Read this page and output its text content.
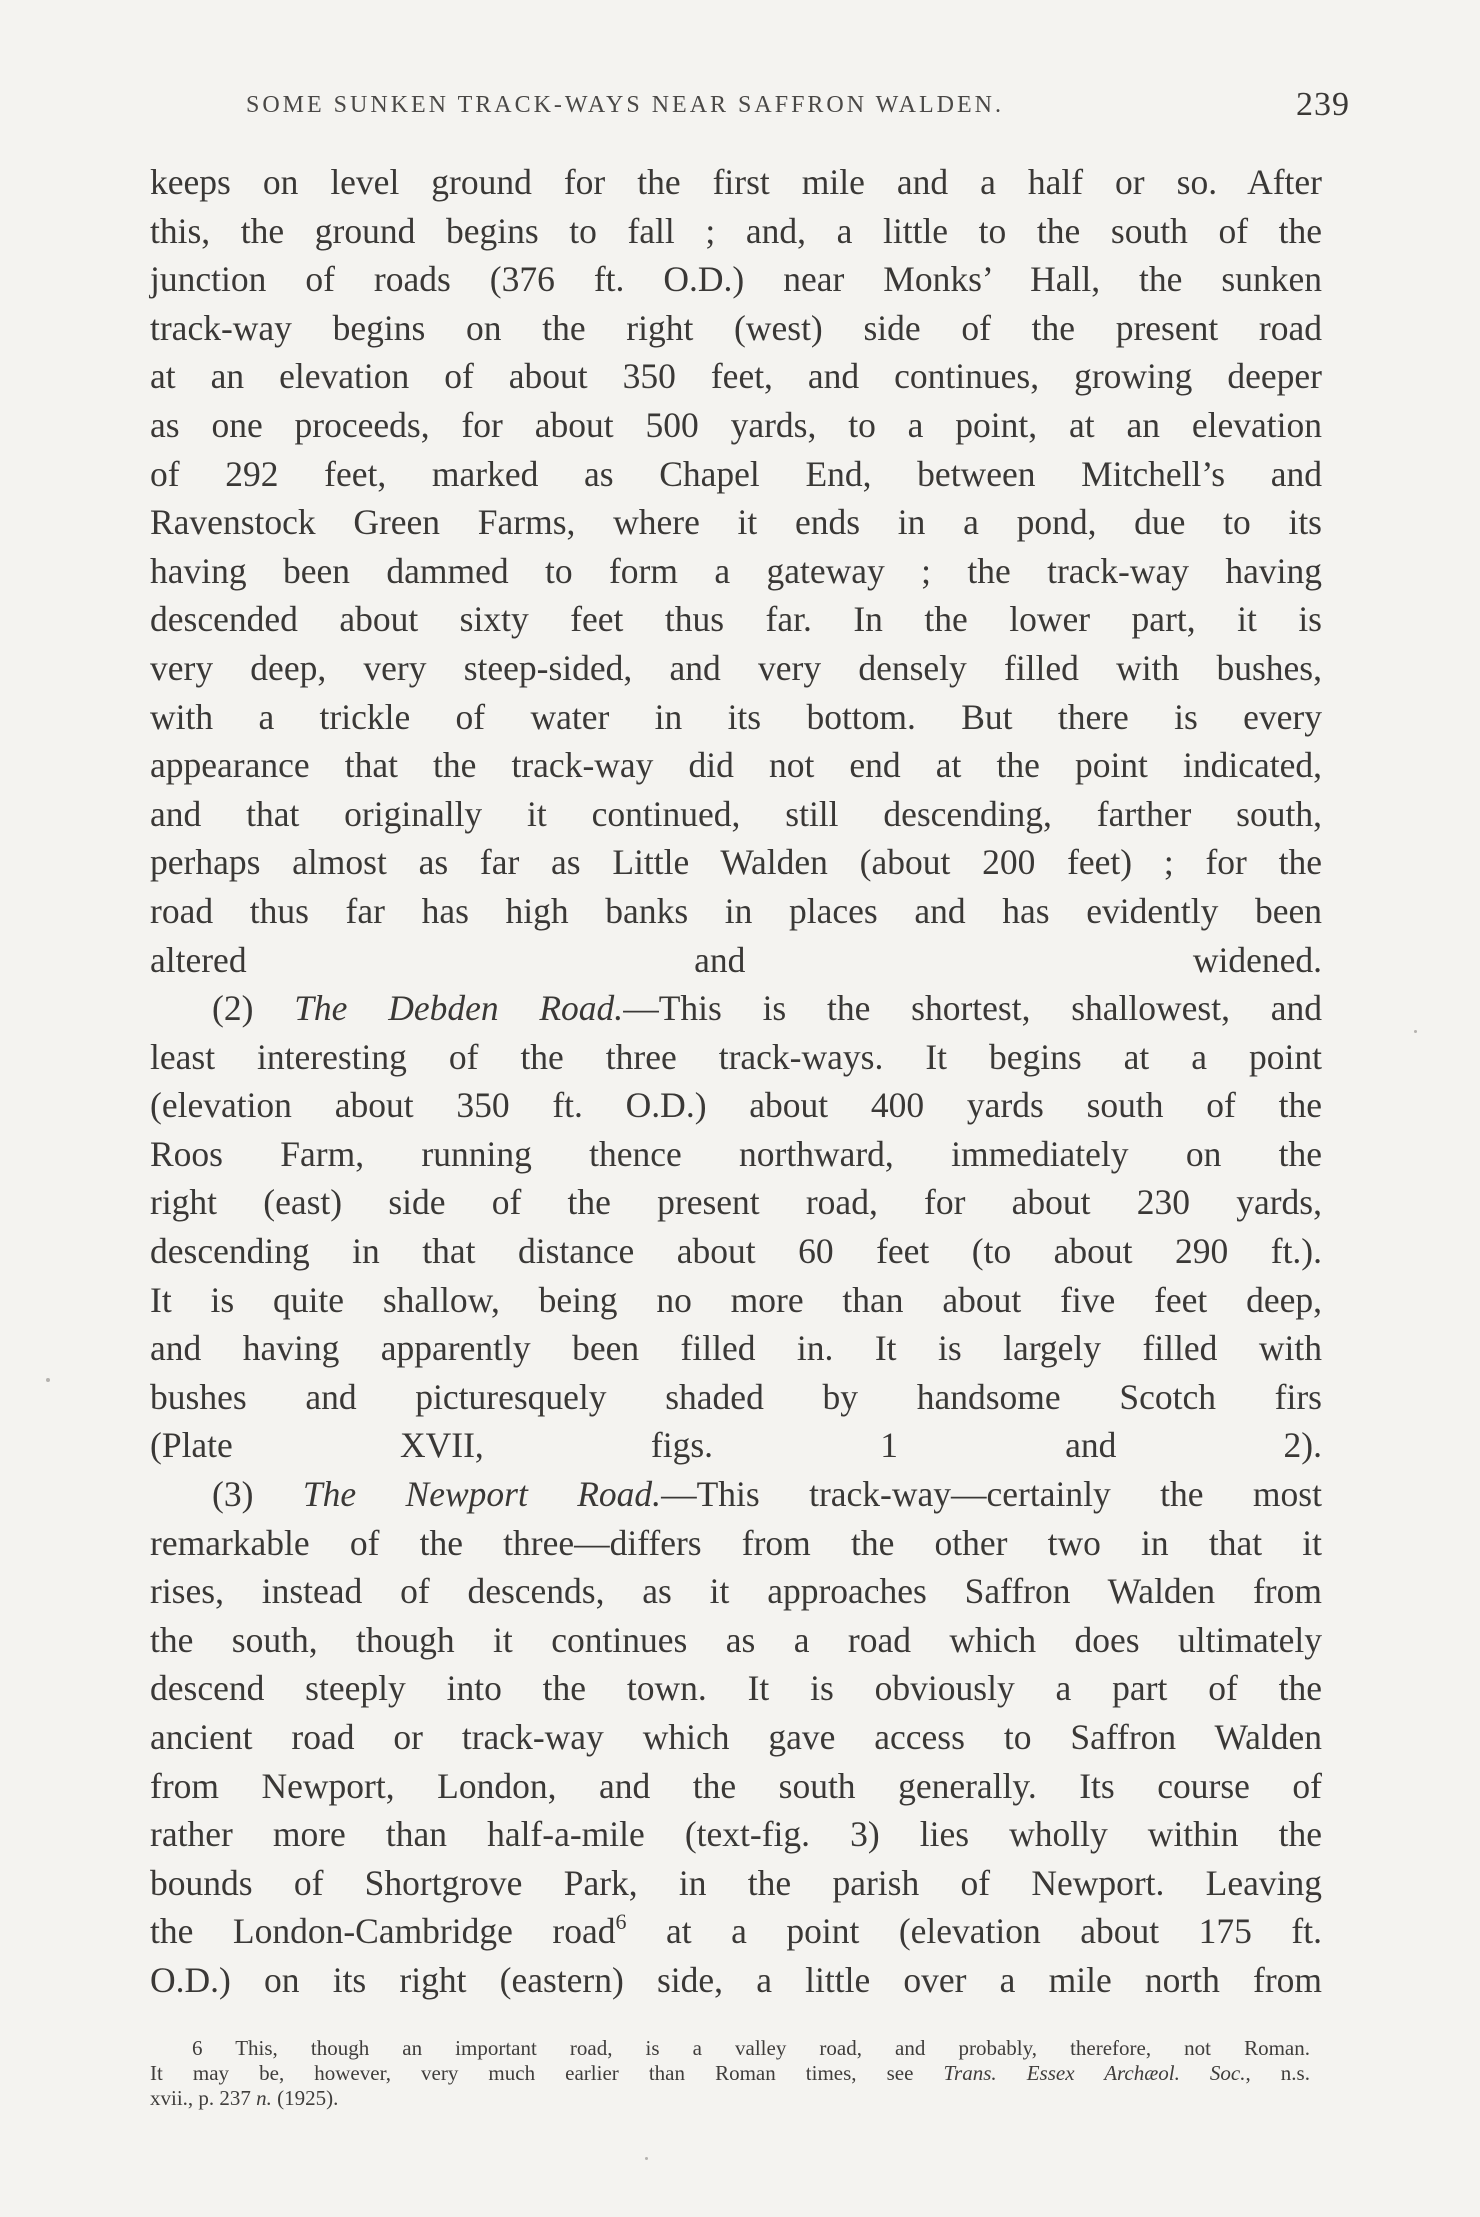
SOME SUNKEN TRACK-WAYS NEAR SAFFRON WALDEN.	239

keeps on level ground for the first mile and a half or so. After
this, the ground begins to fall ; and, a little to the south of the
junction of roads (376 ft. O.D.) near Monks’ Hall, the sunken
track-way begins on the right (west) side of the present road
at an elevation of about 350 feet, and continues, growing deeper
as one proceeds, for about 500 yards, to a point, at an elevation
of 292 feet, marked as Chapel End, between Mitchell’s and
Ravenstock Green Farms, where it ends in a pond, due to its
having been dammed to form a gateway ; the track-way having
descended about sixty feet thus far. In the lower part, it is
very deep, very steep-sided, and very densely filled with bushes,
with a trickle of water in its bottom. But there is every
appearance that the track-way did not end at the point indicated,
and that originally it continued, still descending, farther south,
perhaps almost as far as Little Walden (about 200 feet) ; for the
road thus far has high banks in places and has evidently been
altered and widened.

(2) The Debden Road.—This is the shortest, shallowest, and
least interesting of the three track-ways. It begins at a point
(elevation about 350 ft. O.D.) about 400 yards south of the
Roos Farm, running thence northward, immediately on the
right (east) side of the present road, for about 230 yards,
descending in that distance about 60 feet (to about 290 ft.).
It is quite shallow, being no more than about five feet deep,
and having apparently been filled in. It is largely filled with
bushes and picturesquely shaded by handsome Scotch firs
(Plate XVII, figs. 1 and 2).

(3) The Newport Road.—This track-way—certainly the most
remarkable of the three—differs from the other two in that it
rises, instead of descends, as it approaches Saffron Walden from
the south, though it continues as a road which does ultimately
descend steeply into the town. It is obviously a part of the
ancient road or track-way which gave access to Saffron Walden
from Newport, London, and the south generally. Its course of
rather more than half-a-mile (text-fig. 3) lies wholly within the
bounds of Shortgrove Park, in the parish of Newport. Leaving
the London-Cambridge road$^6$ at a point (elevation about 175 ft.
O.D.) on its right (eastern) side, a little over a mile north from

6 This, though an important road, is a valley road, and probably, therefore, not Roman.
It may be, however, very much earlier than Roman times, see Trans. Essex Archæol. Soc., n.s.
xvii., p. 237 n. (1925).
